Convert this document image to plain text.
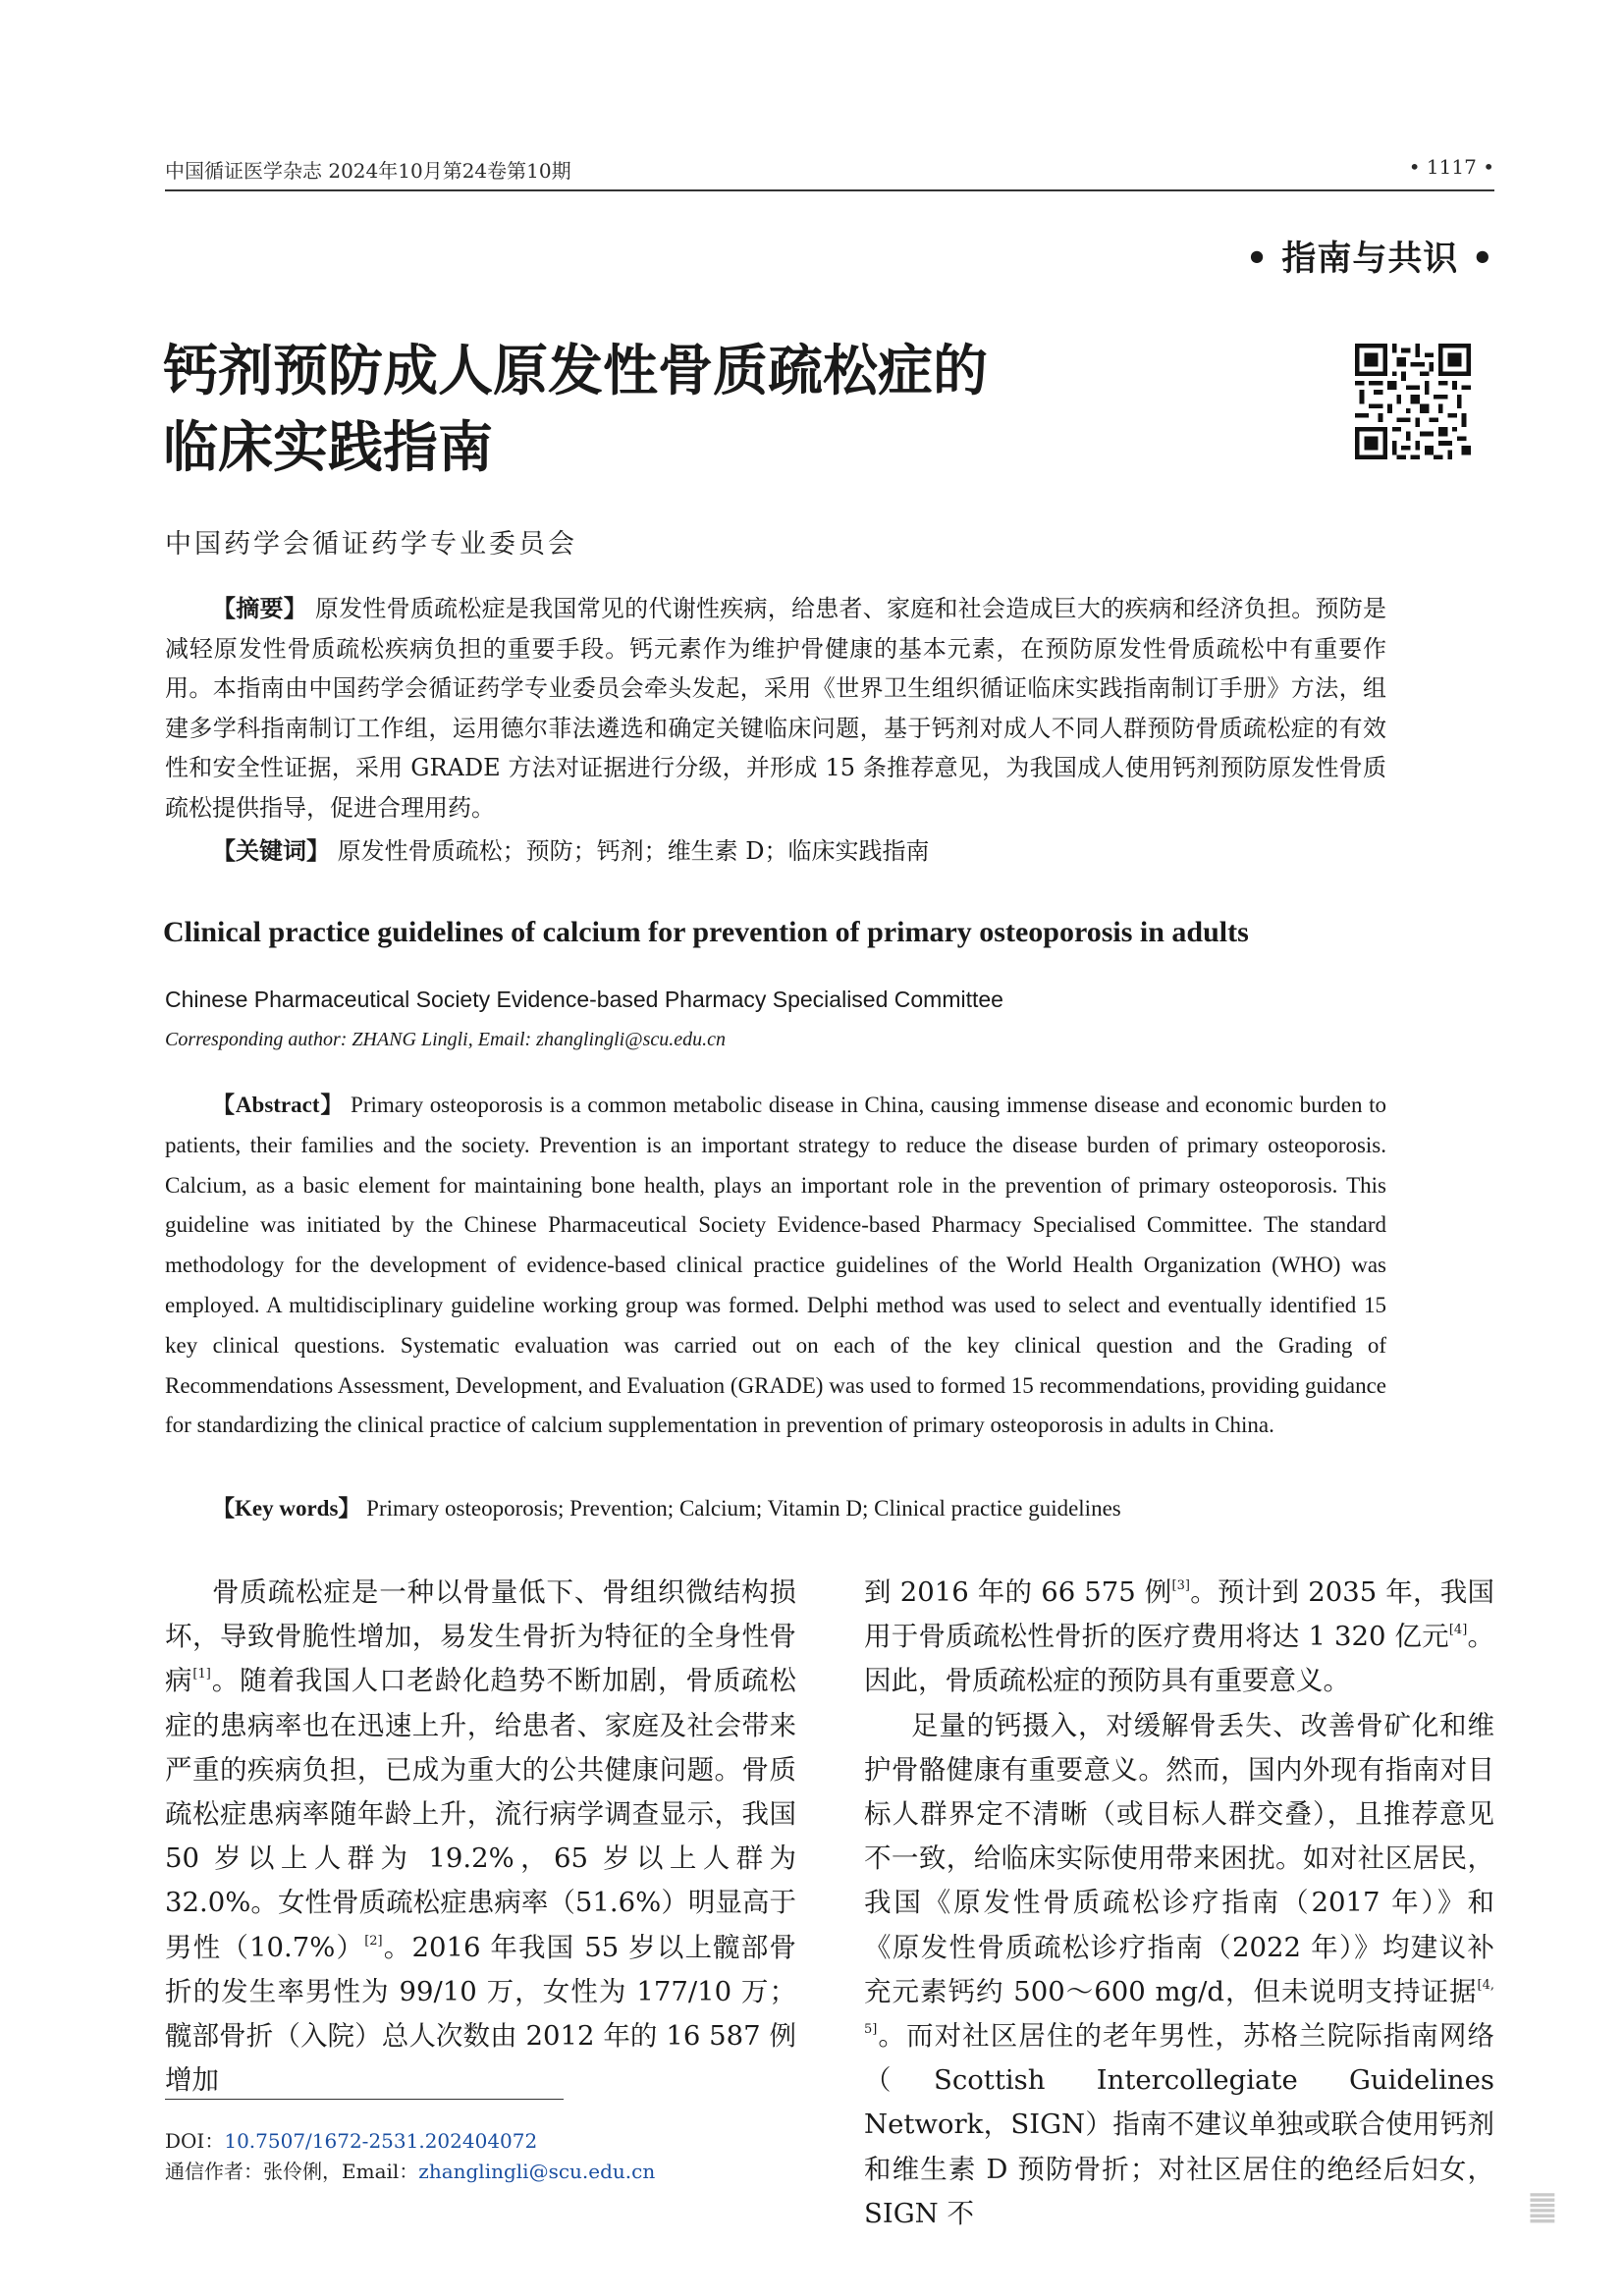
中国循证医学杂志 2024年10月第24卷第10期	• 1117 •
• 指南与共识 •
钙剂预防成人原发性骨质疏松症的
临床实践指南
中国药学会循证药学专业委员会
【摘要】 原发性骨质疏松症是我国常见的代谢性疾病，给患者、家庭和社会造成巨大的疾病和经济负担。预防是减轻原发性骨质疏松疾病负担的重要手段。钙元素作为维护骨健康的基本元素，在预防原发性骨质疏松中有重要作用。本指南由中国药学会循证药学专业委员会牵头发起，采用《世界卫生组织循证临床实践指南制订手册》方法，组建多学科指南制订工作组，运用德尔菲法遴选和确定关键临床问题，基于钙剂对成人不同人群预防骨质疏松症的有效性和安全性证据，采用 GRADE 方法对证据进行分级，并形成 15 条推荐意见，为我国成人使用钙剂预防原发性骨质疏松提供指导，促进合理用药。
【关键词】 原发性骨质疏松；预防；钙剂；维生素 D；临床实践指南
Clinical practice guidelines of calcium for prevention of primary osteoporosis in adults
Chinese Pharmaceutical Society Evidence-based Pharmacy Specialised Committee
Corresponding author: ZHANG Lingli, Email: zhanglingli@scu.edu.cn
【Abstract】 Primary osteoporosis is a common metabolic disease in China, causing immense disease and economic burden to patients, their families and the society. Prevention is an important strategy to reduce the disease burden of primary osteoporosis. Calcium, as a basic element for maintaining bone health, plays an important role in the prevention of primary osteoporosis. This guideline was initiated by the Chinese Pharmaceutical Society Evidence-based Pharmacy Specialised Committee. The standard methodology for the development of evidence-based clinical practice guidelines of the World Health Organization (WHO) was employed. A multidisciplinary guideline working group was formed. Delphi method was used to select and eventually identified 15 key clinical questions. Systematic evaluation was carried out on each of the key clinical question and the Grading of Recommendations Assessment, Development, and Evaluation (GRADE) was used to formed 15 recommendations, providing guidance for standardizing the clinical practice of calcium supplementation in prevention of primary osteoporosis in adults in China.
【Key words】 Primary osteoporosis; Prevention; Calcium; Vitamin D; Clinical practice guidelines

骨质疏松症是一种以骨量低下、骨组织微结构损坏，导致骨脆性增加，易发生骨折为特征的全身性骨病[1]。随着我国人口老龄化趋势不断加剧，骨质疏松症的患病率也在迅速上升，给患者、家庭及社会带来严重的疾病负担，已成为重大的公共健康问题。骨质疏松症患病率随年龄上升，流行病学调查显示，我国 50 岁以上人群为 19.2%，65 岁以上人群为 32.0%。女性骨质疏松症患病率（51.6%）明显高于男性（10.7%）[2]。2016 年我国 55 岁以上髋部骨折的发生率男性为 99/10 万，女性为 177/10 万；髋部骨折（入院）总人次数由 2012 年的 16 587 例增加

到 2016 年的 66 575 例[3]。预计到 2035 年，我国用于骨质疏松性骨折的医疗费用将达 1 320 亿元[4]。因此，骨质疏松症的预防具有重要意义。

足量的钙摄入，对缓解骨丢失、改善骨矿化和维护骨骼健康有重要意义。然而，国内外现有指南对目标人群界定不清晰（或目标人群交叠），且推荐意见不一致，给临床实际使用带来困扰。如对社区居民，我国《原发性骨质疏松诊疗指南（2017 年）》和《原发性骨质疏松诊疗指南（2022 年）》均建议补充元素钙约 500～600 mg/d，但未说明支持证据[4, 5]。而对社区居住的老年男性，苏格兰院际指南网络（Scottish Intercollegiate Guidelines Network，SIGN）指南不建议单独或联合使用钙剂和维生素 D 预防骨折；对社区居住的绝经后妇女，SIGN 不

DOI：10.7507/1672-2531.202404072
通信作者：张伶俐，Email：zhanglingli@scu.edu.cn
䷀
